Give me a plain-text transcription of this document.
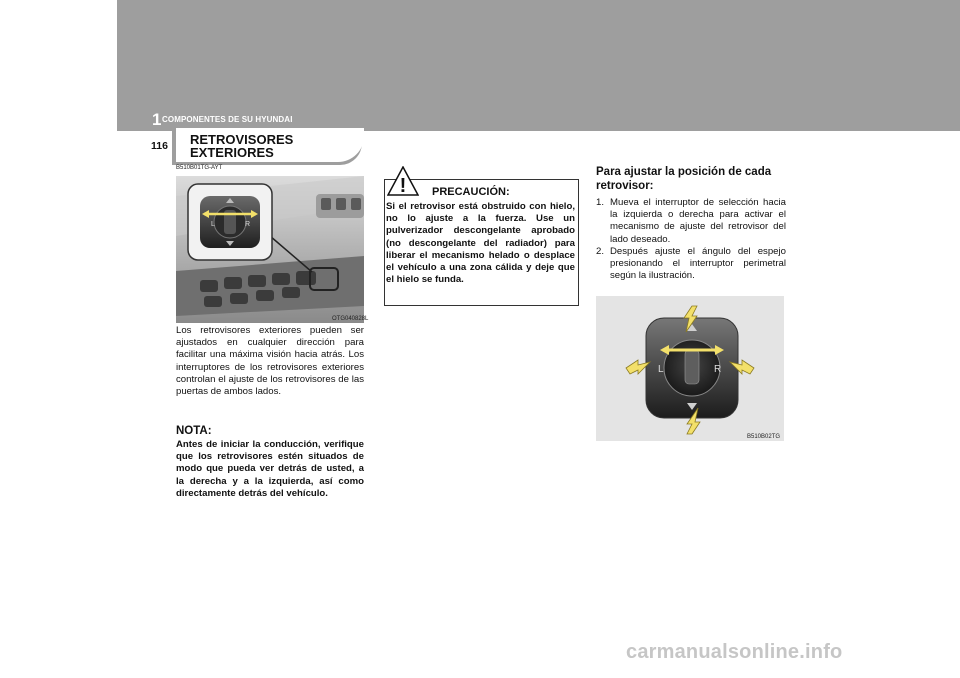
1 COMPONENTES DE SU HYUNDAI
116 RETROVISORES EXTERIORES
B510B01TG-AYT
L	R
OTG040828L
Los retrovisores exteriores pueden ser ajustados en cualquier dirección para facilitar una máxima visión hacia atrás. Los interruptores de los retrovisores exteriores controlan el ajuste de los retrovisores de las puertas de ambos lados.
NOTA:
Antes de iniciar la conducción, verifique que los retrovisores estén situados de modo que pueda ver detrás de usted, a la derecha y a la izquierda, así como directamente detrás del vehículo.
! PRECAUCIÓN:
Si el retrovisor está obstruido con hielo, no lo ajuste a la fuerza. Use un pulverizador descongelante aprobado (no descongelante del radiador) para liberar el mecanismo helado o desplace el vehículo a una zona cálida y deje que el hielo se funda.
Para ajustar la posición de cada retrovisor:
1. Mueva el interruptor de selección hacia la izquierda o derecha para activar el mecanismo de ajuste del retrovisor del lado deseado.
2. Después ajuste el ángulo del espejo presionando el interruptor perimetral según la ilustración.
L	R
B510B02TG
carmanualsonline.info
